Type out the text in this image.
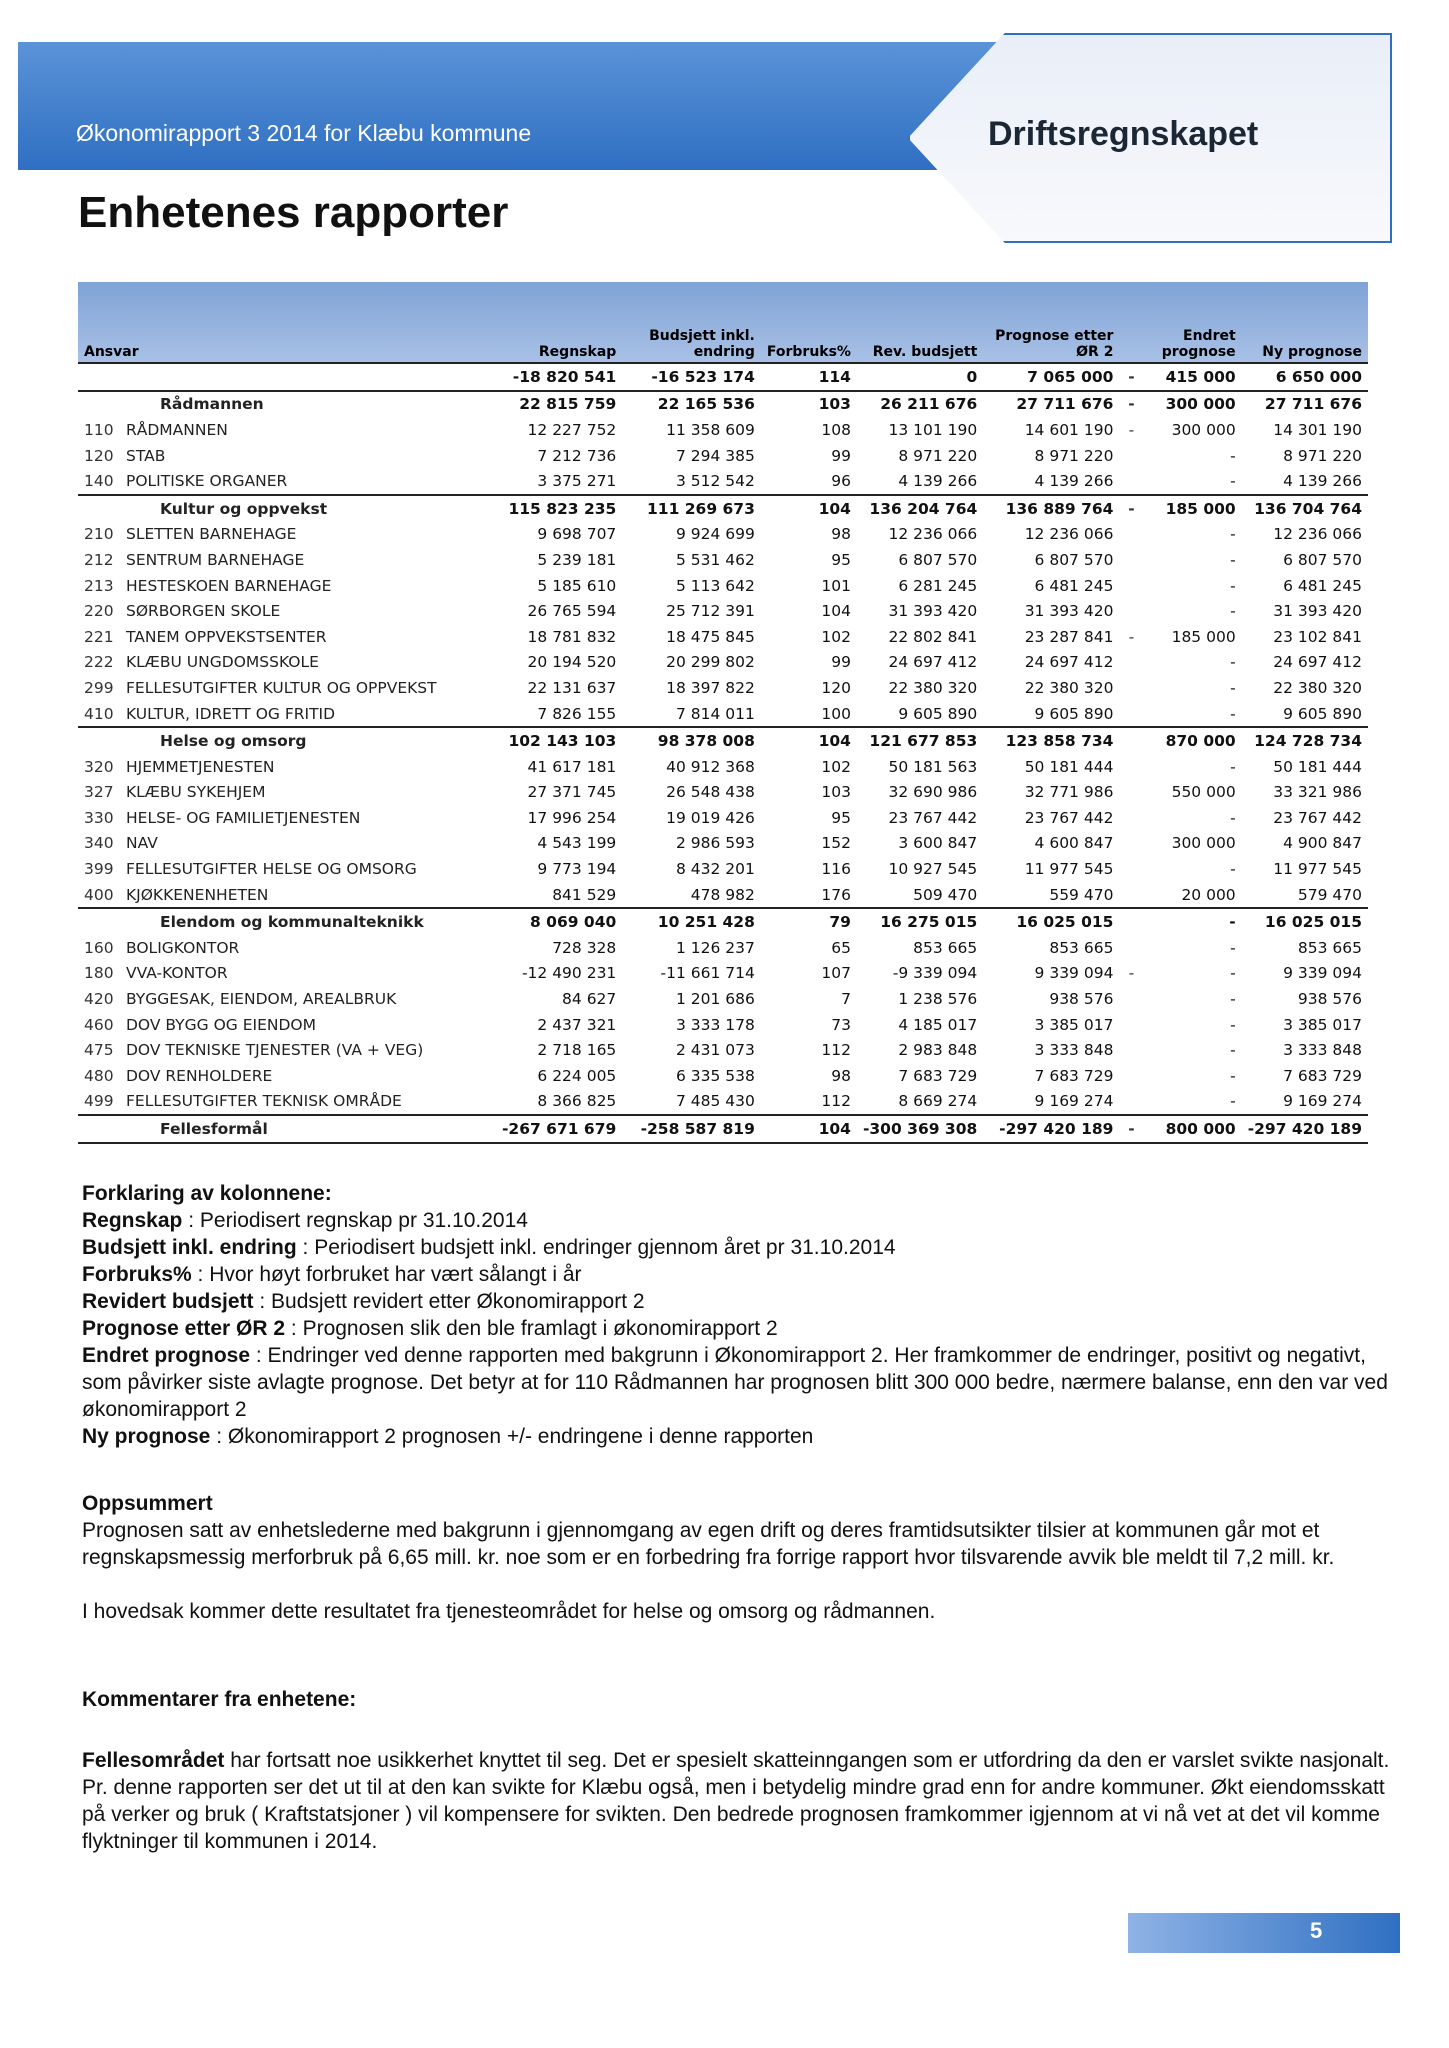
Økonomirapport 3 2014 for Klæbu kommune	Driftsregnskapet
Enhetenes rapporter
Ansvar		Regnskap	Budsjett inkl. endring	Forbruks%	Rev. budsjett	Prognose etter ØR 2		Endret prognose	Ny prognose
		-18 820 541	-16 523 174	114	0	7 065 000	-	415 000	6 650 000
	Rådmannen	22 815 759	22 165 536	103	26 211 676	27 711 676	-	300 000	27 711 676
110	RÅDMANNEN	12 227 752	11 358 609	108	13 101 190	14 601 190	-	300 000	14 301 190
120	STAB	7 212 736	7 294 385	99	8 971 220	8 971 220		-	8 971 220
140	POLITISKE ORGANER	3 375 271	3 512 542	96	4 139 266	4 139 266		-	4 139 266
	Kultur og oppvekst	115 823 235	111 269 673	104	136 204 764	136 889 764	-	185 000	136 704 764
210	SLETTEN BARNEHAGE	9 698 707	9 924 699	98	12 236 066	12 236 066		-	12 236 066
212	SENTRUM BARNEHAGE	5 239 181	5 531 462	95	6 807 570	6 807 570		-	6 807 570
213	HESTESKOEN BARNEHAGE	5 185 610	5 113 642	101	6 281 245	6 481 245		-	6 481 245
220	SØRBORGEN SKOLE	26 765 594	25 712 391	104	31 393 420	31 393 420		-	31 393 420
221	TANEM OPPVEKSTSENTER	18 781 832	18 475 845	102	22 802 841	23 287 841	-	185 000	23 102 841
222	KLÆBU UNGDOMSSKOLE	20 194 520	20 299 802	99	24 697 412	24 697 412		-	24 697 412
299	FELLESUTGIFTER KULTUR OG OPPVEKST	22 131 637	18 397 822	120	22 380 320	22 380 320		-	22 380 320
410	KULTUR, IDRETT OG FRITID	7 826 155	7 814 011	100	9 605 890	9 605 890		-	9 605 890
	Helse og omsorg	102 143 103	98 378 008	104	121 677 853	123 858 734		870 000	124 728 734
320	HJEMMETJENESTEN	41 617 181	40 912 368	102	50 181 563	50 181 444		-	50 181 444
327	KLÆBU SYKEHJEM	27 371 745	26 548 438	103	32 690 986	32 771 986		550 000	33 321 986
330	HELSE- OG FAMILIETJENESTEN	17 996 254	19 019 426	95	23 767 442	23 767 442		-	23 767 442
340	NAV	4 543 199	2 986 593	152	3 600 847	4 600 847		300 000	4 900 847
399	FELLESUTGIFTER HELSE OG OMSORG	9 773 194	8 432 201	116	10 927 545	11 977 545		-	11 977 545
400	KJØKKENENHETEN	841 529	478 982	176	509 470	559 470		20 000	579 470
	Elendom og kommunalteknikk	8 069 040	10 251 428	79	16 275 015	16 025 015		-	16 025 015
160	BOLIGKONTOR	728 328	1 126 237	65	853 665	853 665		-	853 665
180	VVA-KONTOR	-12 490 231	-11 661 714	107	-9 339 094	9 339 094	-	-	9 339 094
420	BYGGESAK, EIENDOM, AREALBRUK	84 627	1 201 686	7	1 238 576	938 576		-	938 576
460	DOV BYGG OG EIENDOM	2 437 321	3 333 178	73	4 185 017	3 385 017		-	3 385 017
475	DOV TEKNISKE TJENESTER (VA + VEG)	2 718 165	2 431 073	112	2 983 848	3 333 848		-	3 333 848
480	DOV RENHOLDERE	6 224 005	6 335 538	98	7 683 729	7 683 729		-	7 683 729
499	FELLESUTGIFTER TEKNISK OMRÅDE	8 366 825	7 485 430	112	8 669 274	9 169 274		-	9 169 274
	Fellesformål	-267 671 679	-258 587 819	104	-300 369 308	-297 420 189	-	800 000	-297 420 189

Forklaring av kolonnene:

Regnskap : Periodisert regnskap pr 31.10.2014

Budsjett inkl. endring : Periodisert budsjett inkl. endringer gjennom året pr 31.10.2014

Forbruks% : Hvor høyt forbruket har vært sålangt i år

Revidert budsjett : Budsjett revidert etter Økonomirapport 2

Prognose etter ØR 2 : Prognosen slik den ble framlagt i økonomirapport 2

Endret prognose : Endringer ved denne rapporten med bakgrunn i Økonomirapport 2. Her framkommer de endringer, positivt og negativt, som påvirker siste avlagte prognose. Det betyr at for 110 Rådmannen har prognosen blitt 300 000 bedre, nærmere balanse, enn den var ved økonomirapport 2

Ny prognose : Økonomirapport 2 prognosen +/- endringene i denne rapporten

Oppsummert

Prognosen satt av enhetslederne med bakgrunn i gjennomgang av egen drift og deres framtidsutsikter tilsier at kommunen går mot et regnskapsmessig merforbruk på 6,65 mill. kr. noe som er en forbedring fra forrige rapport hvor tilsvarende avvik ble meldt til 7,2 mill. kr.

I hovedsak kommer dette resultatet fra tjenesteområdet for helse og omsorg og rådmannen.

Kommentarer fra enhetene:

Fellesområdet har fortsatt noe usikkerhet knyttet til seg. Det er spesielt skatteinngangen som er utfordring da den er varslet svikte nasjonalt. Pr. denne rapporten ser det ut til at den kan svikte for Klæbu også, men i betydelig mindre grad enn for andre kommuner. Økt eiendomsskatt på verker og bruk ( Kraftstatsjoner ) vil kompensere for svikten. Den bedrede prognosen framkommer igjennom at vi nå vet at det vil komme flyktninger til kommunen i 2014.

5
